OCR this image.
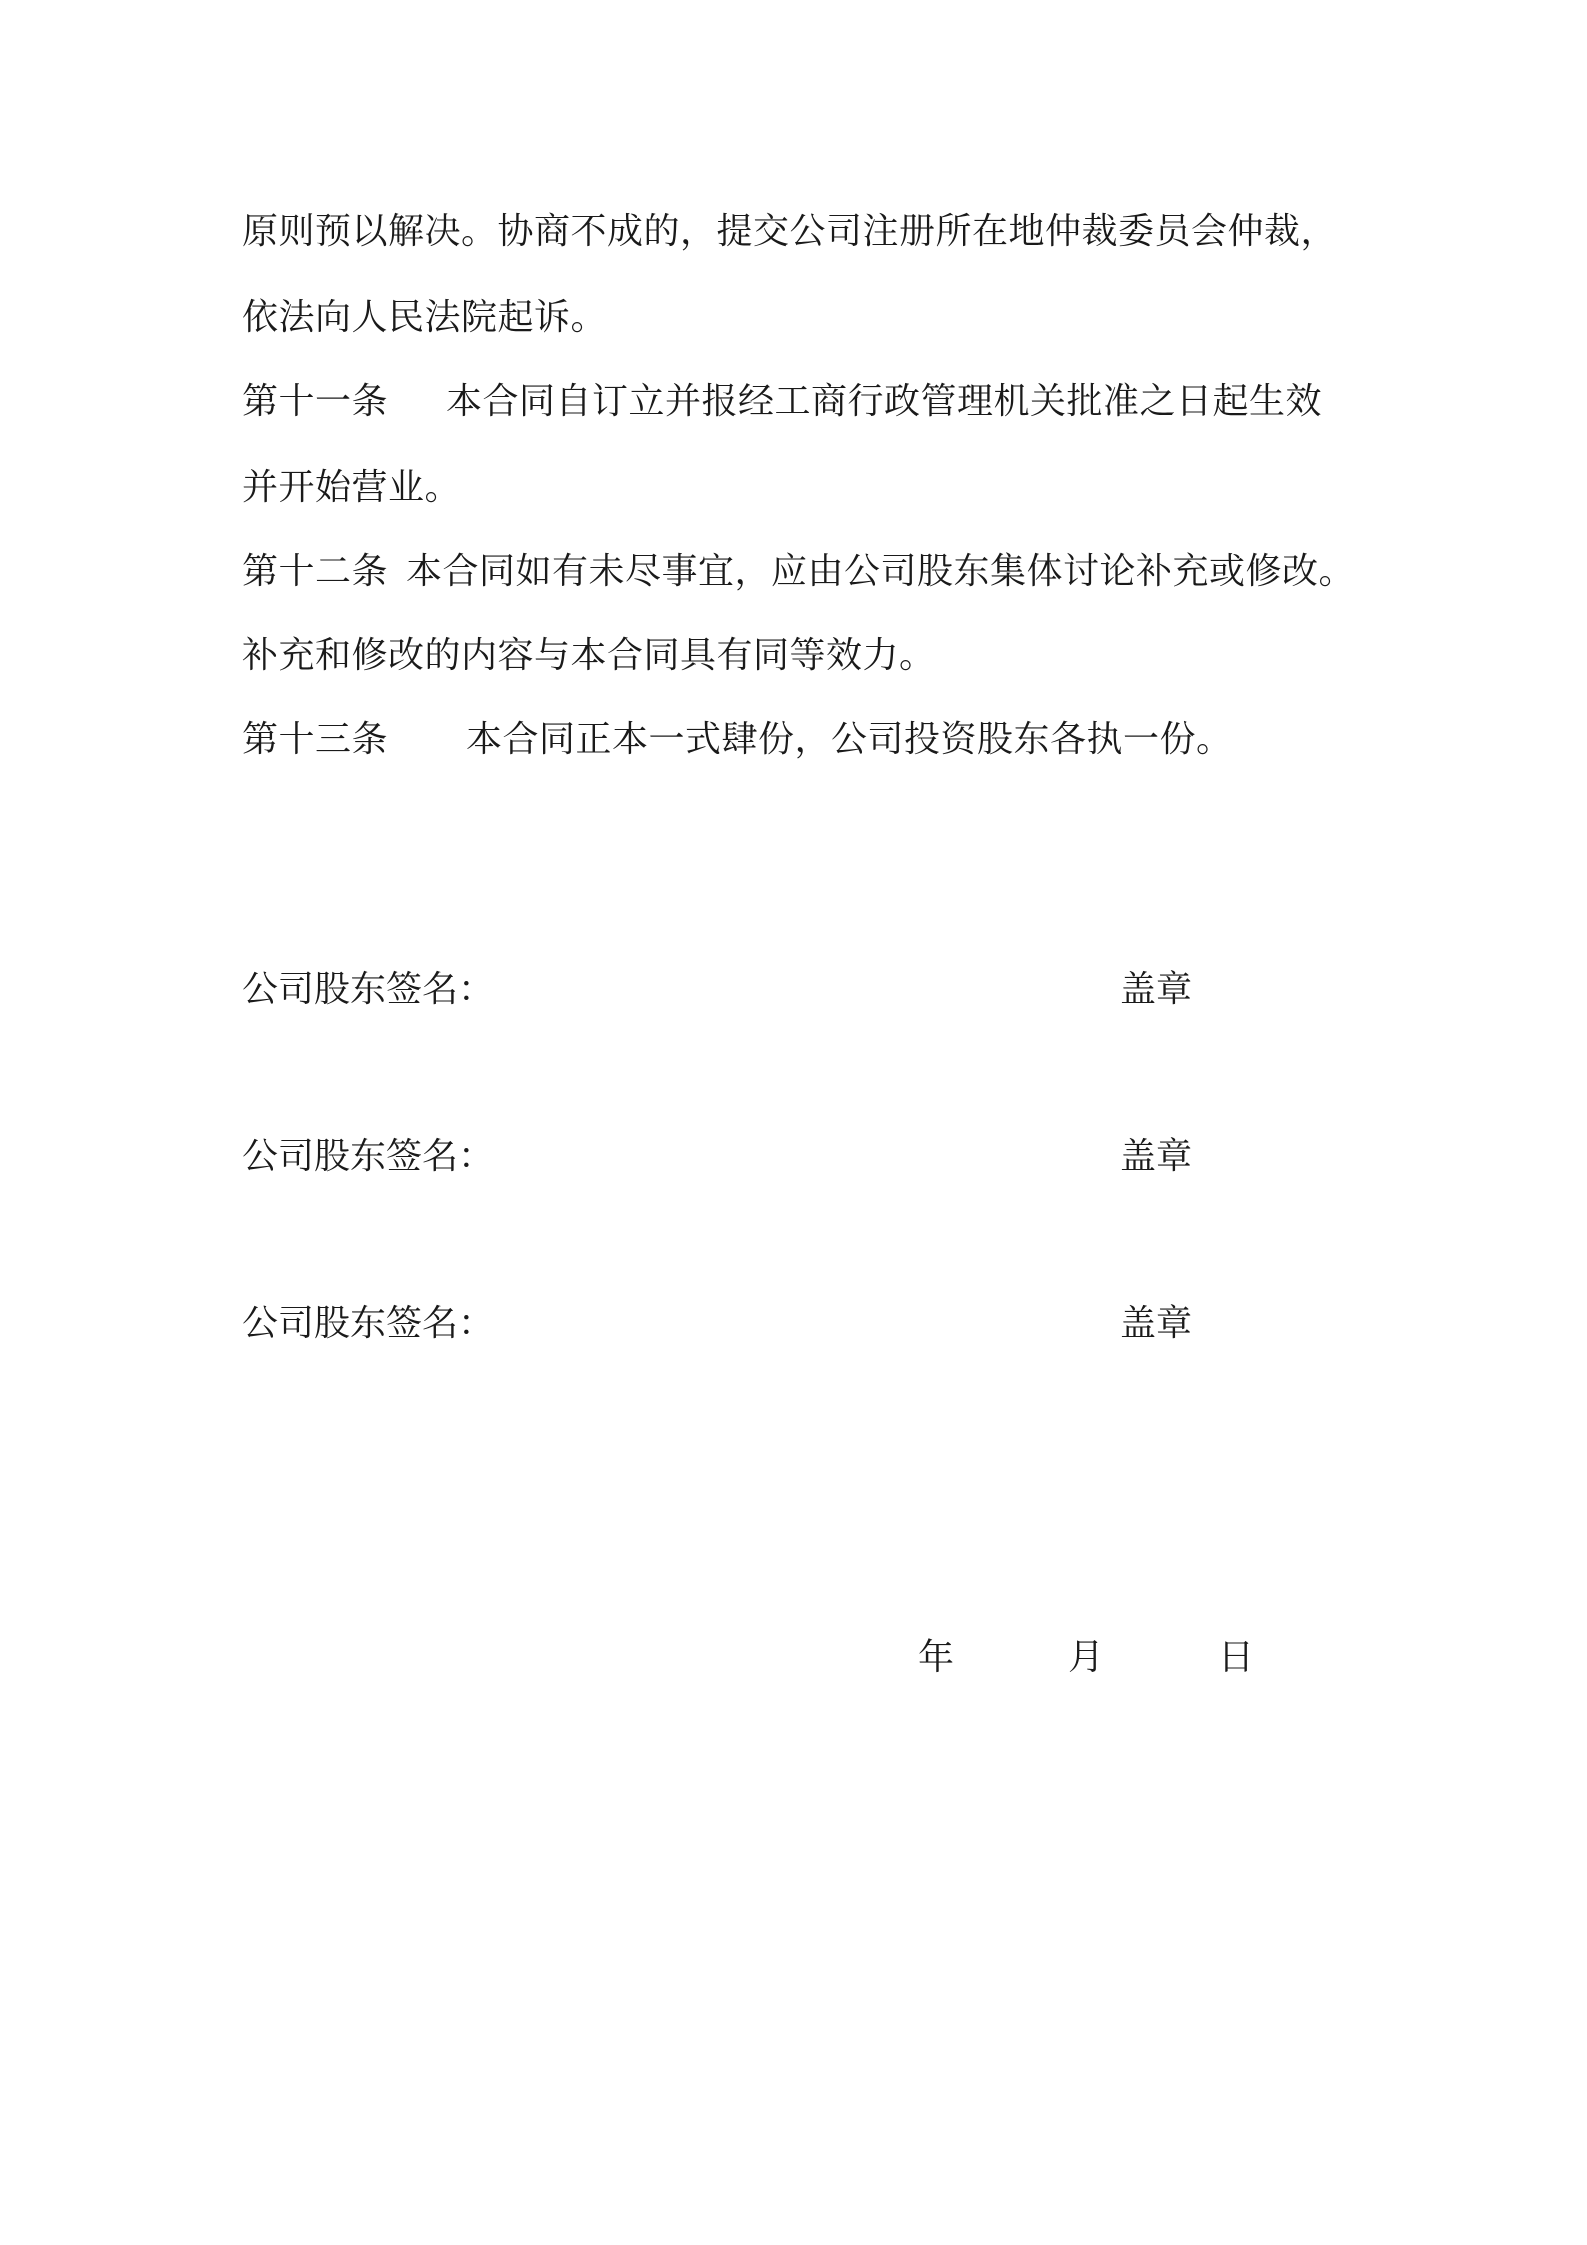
原则预以解决。协商不成的，提交公司注册所在地仲裁委员会仲裁，
依法向人民法院起诉。
第十一条 本合同自订立并报经工商行政管理机关批准之日起生效
并开始营业。
第十二条 本合同如有未尽事宜，应由公司股东集体讨论补充或修改。
补充和修改的内容与本合同具有同等效力。
第十三条 本合同正本一式肆份，公司投资股东各执一份。
公司股东签名：	盖章
公司股东签名：	盖章
公司股东签名：	盖章
年	月	日
